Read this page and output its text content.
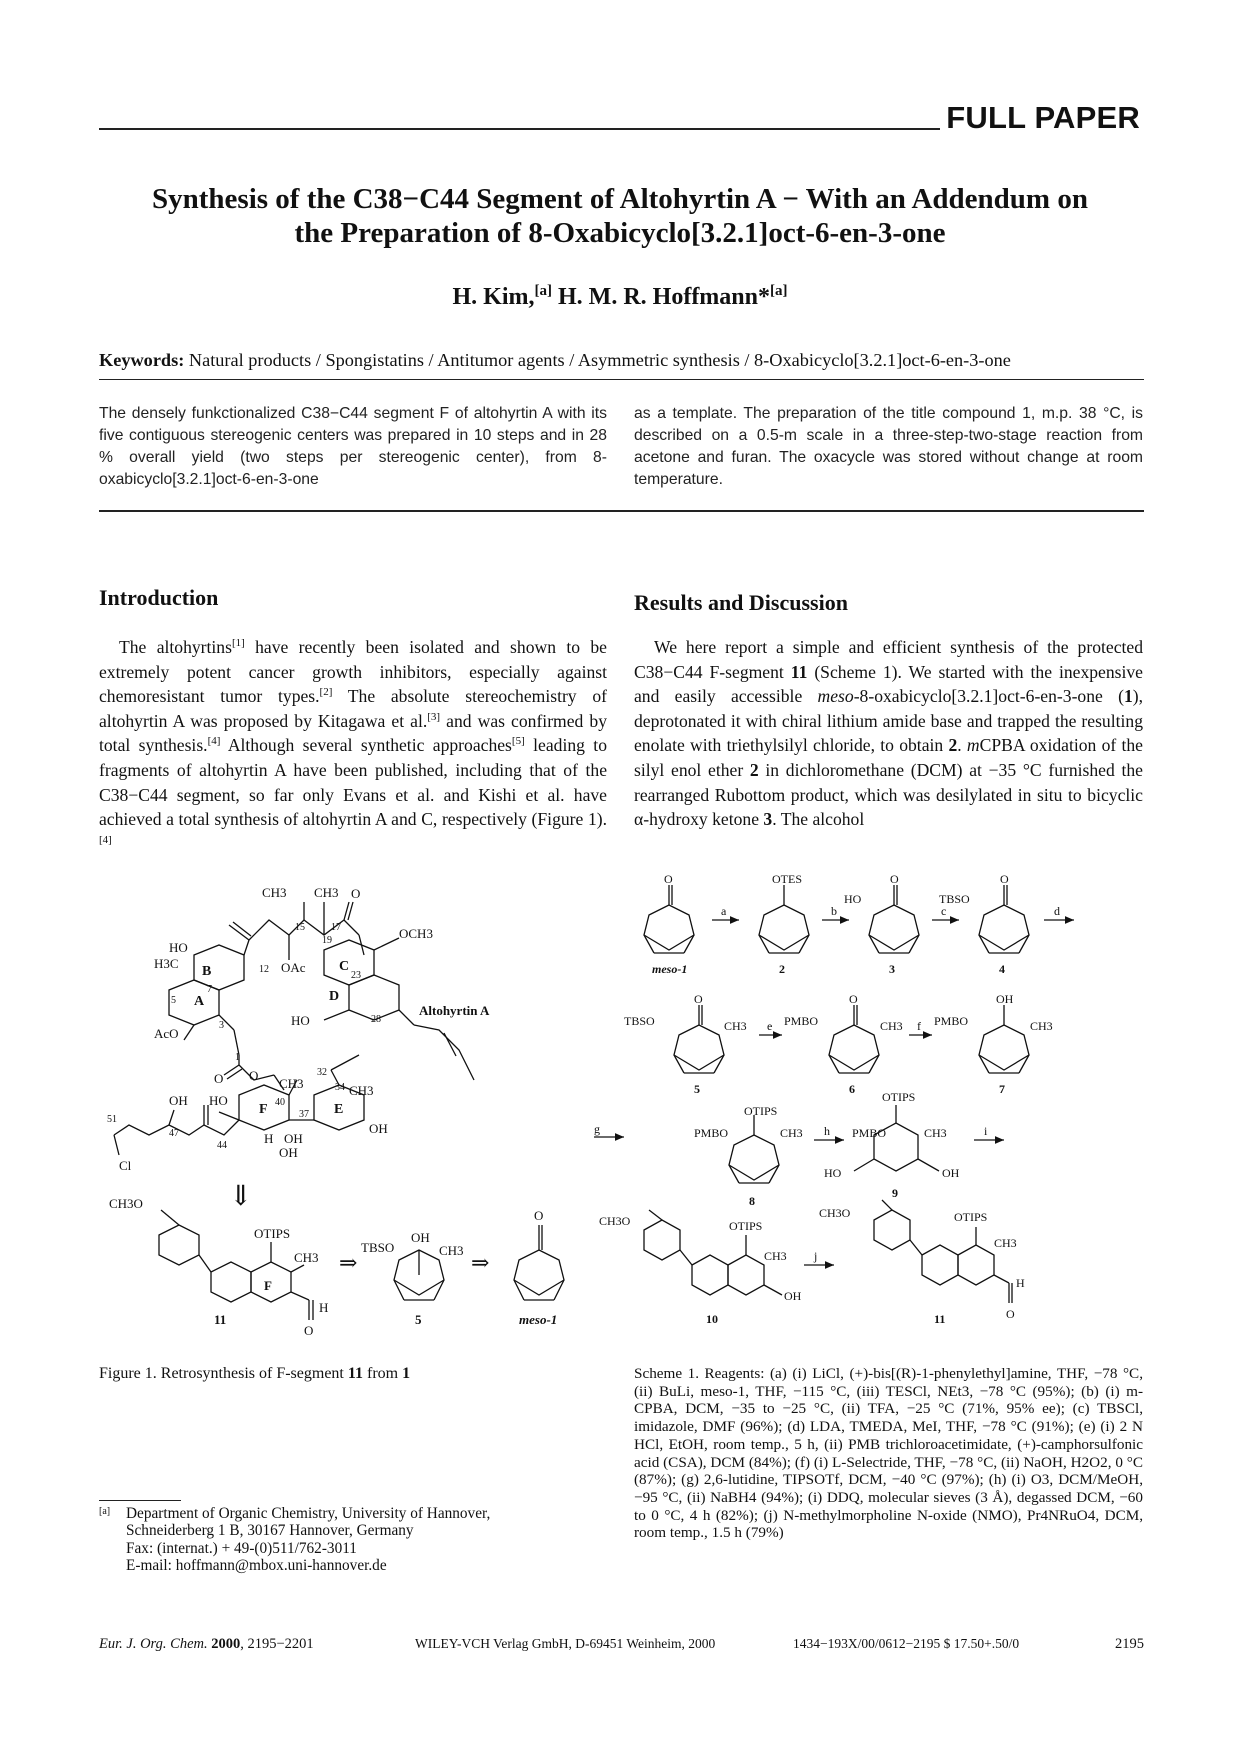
FULL PAPER
Synthesis of the C38−C44 Segment of Altohyrtin A − With an Addendum on
the Preparation of 8-Oxabicyclo[3.2.1]oct-6-en-3-one
H. Kim,[a] H. M. R. Hoffmann*[a]
Keywords: Natural products / Spongistatins / Antitumor agents / Asymmetric synthesis / 8-Oxabicyclo[3.2.1]oct-6-en-3-one
The densely funkctionalized C38−C44 segment F of altohyrtin A with its five contiguous stereogenic centers was prepared in 10 steps and in 28 % overall yield (two steps per stereogenic center), from 8-oxabicyclo[3.2.1]oct-6-en-3-one
as a template. The preparation of the title compound 1, m.p. 38 °C, is described on a 0.5-m scale in a three-step-two-stage reaction from acetone and furan. The oxacycle was stored without change at room temperature.
Introduction	Results and Discussion

The altohyrtins[1] have recently been isolated and shown to be extremely potent cancer growth inhibitors, especially against chemoresistant tumor types.[2] The absolute stereochemistry of altohyrtin A was proposed by Kitagawa et al.[3] and was confirmed by total synthesis.[4] Although several synthetic approaches[5] leading to fragments of altohyrtin A have been published, including that of the C38−C44 segment, so far only Evans et al. and Kishi et al. have achieved a total synthesis of altohyrtin A and C, respectively (Figure 1).[4]

We here report a simple and efficient synthesis of the protected C38−C44 F-segment 11 (Scheme 1). We started with the inexpensive and easily accessible meso-8-oxabicyclo[3.2.1]oct-6-en-3-one (1), deprotonated it with chiral lithium amide base and trapped the resulting enolate with triethylsilyl chloride, to obtain 2. mCPBA oxidation of the silyl enol ether 2 in dichloromethane (DCM) at −35 °C furnished the rearranged Rubottom product, which was desilylated in situ to bicyclic α-hydroxy ketone 3. The alcohol

CH3 CH3
15	17
O
OAc
12
HO
H3C
B
A
7
5
3
AcO
19	OCH3
C
23
D
HO	28
Altohyrtin A
1
O O
HO
F	E
CH3	CH3
40
34
32
37
H OH
OH
OH
OH
47
44
51
Cl
⇓
CH3O
OTIPS
CH3
F
H
O
11
⇒
TBSO
OH
CH3
5
⇒
O
meso-1
Figure 1. Retrosynthesis of F-segment 11 from 1
O	OTES
HO
O
TBSO
O
meso-1	2	3	4
a	b	c	d
TBSO
O
CH3	PMBO
O
CH3	PMBO
OH
CH3
5	6	7
e	f
g	PMBO
OTIPS
CH3
8
h PMBO
OTIPS
CH3
HO	OH
9
i
CH3O	OTIPS
CH3
OH
10
j
CH3O	OTIPS
CH3
H
O
11
Scheme 1. Reagents: (a) (i) LiCl, (+)-bis[(R)-1-phenylethyl]amine, THF, −78 °C, (ii) BuLi, meso-1, THF, −115 °C, (iii) TESCl, NEt3, −78 °C (95%); (b) (i) m-CPBA, DCM, −35 to −25 °C, (ii) TFA, −25 °C (71%, 95% ee); (c) TBSCl, imidazole, DMF (96%); (d) LDA, TMEDA, MeI, THF, −78 °C (91%); (e) (i) 2 N HCl, EtOH, room temp., 5 h, (ii) PMB trichloroacetimidate, (+)-camphorsulfonic acid (CSA), DCM (84%); (f) (i) L-Selectride, THF, −78 °C, (ii) NaOH, H2O2, 0 °C (87%); (g) 2,6-lutidine, TIPSOTf, DCM, −40 °C (97%); (h) (i) O3, DCM/MeOH, −95 °C, (ii) NaBH4 (94%); (i) DDQ, molecular sieves (3 Å), degassed DCM, −60 to 0 °C, 4 h (82%); (j) N-methylmorpholine N-oxide (NMO), Pr4NRuO4, DCM, room temp., 1.5 h (79%)
[a]	Department of Organic Chemistry, University of Hannover,
Schneiderberg 1 B, 30167 Hannover, Germany
Fax: (internat.) + 49-(0)511/762-3011
E-mail: hoffmann@mbox.uni-hannover.de
Eur. J. Org. Chem. 2000, 2195−2201	WILEY-VCH Verlag GmbH, D-69451 Weinheim, 2000	1434−193X/00/0612−2195 $ 17.50+.50/0	2195
